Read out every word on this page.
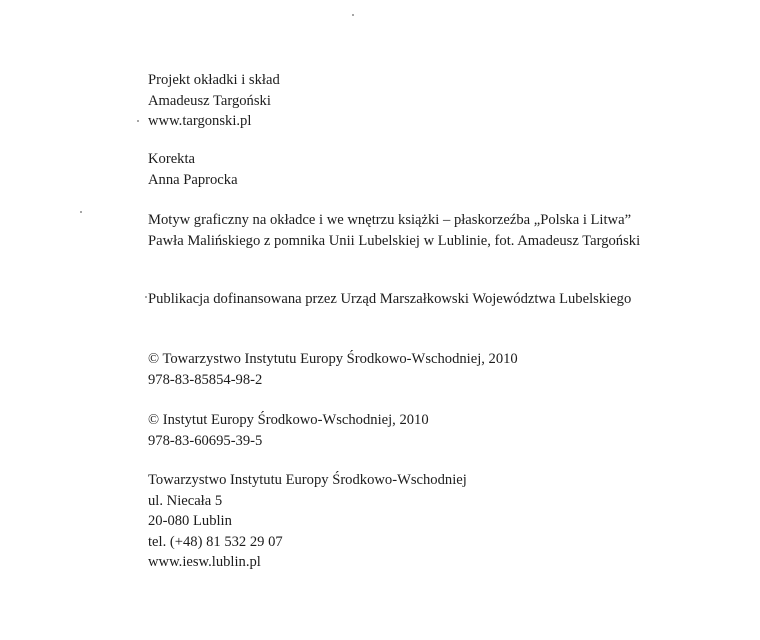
Projekt okładki i skład
Amadeusz Targoński
www.targonski.pl
Korekta
Anna Paprocka
Motyw graficzny na okładce i we wnętrzu książki – płaskorzeźba „Polska i Litwa”
Pawła Malińskiego z pomnika Unii Lubelskiej w Lublinie, fot. Amadeusz Targoński
Publikacja dofinansowana przez Urząd Marszałkowski Województwa Lubelskiego
© Towarzystwo Instytutu Europy Środkowo-Wschodniej, 2010
978-83-85854-98-2
© Instytut Europy Środkowo-Wschodniej, 2010
978-83-60695-39-5
Towarzystwo Instytutu Europy Środkowo-Wschodniej
ul. Niecała 5
20-080 Lublin
tel. (+48) 81 532 29 07
www.iesw.lublin.pl
